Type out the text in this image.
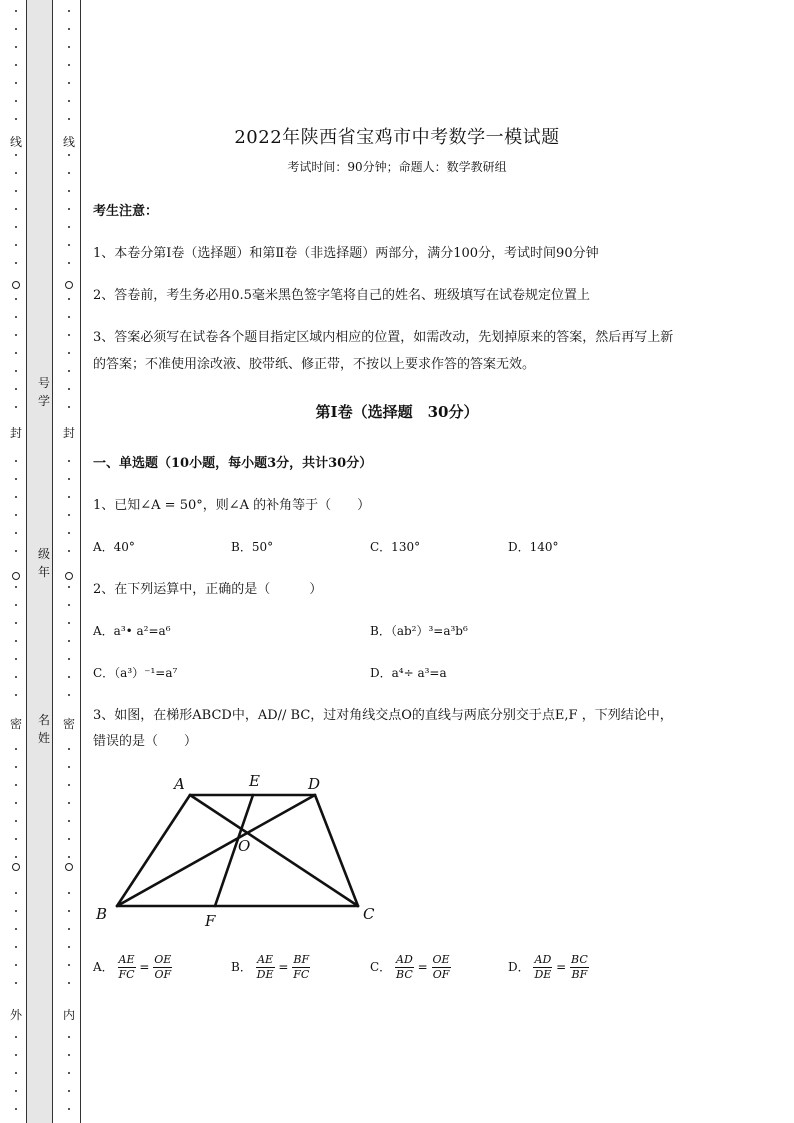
线
封
密
外
线
封
密
内
号学
级年
名姓
2022年陕西省宝鸡市中考数学一模试题
考试时间：90分钟；命题人：数学教研组
考生注意：
1、本卷分第I卷（选择题）和第Ⅱ卷（非选择题）两部分，满分100分，考试时间90分钟
2、答卷前，考生务必用0.5毫米黑色签字笔将自己的姓名、班级填写在试卷规定位置上
3、答案必须写在试卷各个题目指定区域内相应的位置，如需改动，先划掉原来的答案，然后再写上新
的答案；不准使用涂改液、胶带纸、修正带，不按以上要求作答的答案无效。
第I卷（选择题　30分）
一、单选题（10小题，每小题3分，共计30分）
1、已知∠A = 50°，则∠A 的补角等于（　　）
A．40°	B．50°	C．130°	D．140°
2、在下列运算中，正确的是（　　　）
A．a³• a²=a⁶	B．（ab²）³=a³b⁶
C．（a³）⁻¹=a⁷	D．a⁴÷ a³=a
3、如图，在梯形ABCD中，AD// BC，过对角线交点O的直线与两底分别交于点E,F ，下列结论中，
错误的是（　　）
A	E	D
O
B	F	C
A． $\frac{AE}{FC} = \frac{OE}{OF}$	B． $\frac{AE}{DE} = \frac{BF}{FC}$	C． $\frac{AD}{BC} = \frac{OE}{OF}$	D． $\frac{AD}{DE} = \frac{BC}{BF}$
